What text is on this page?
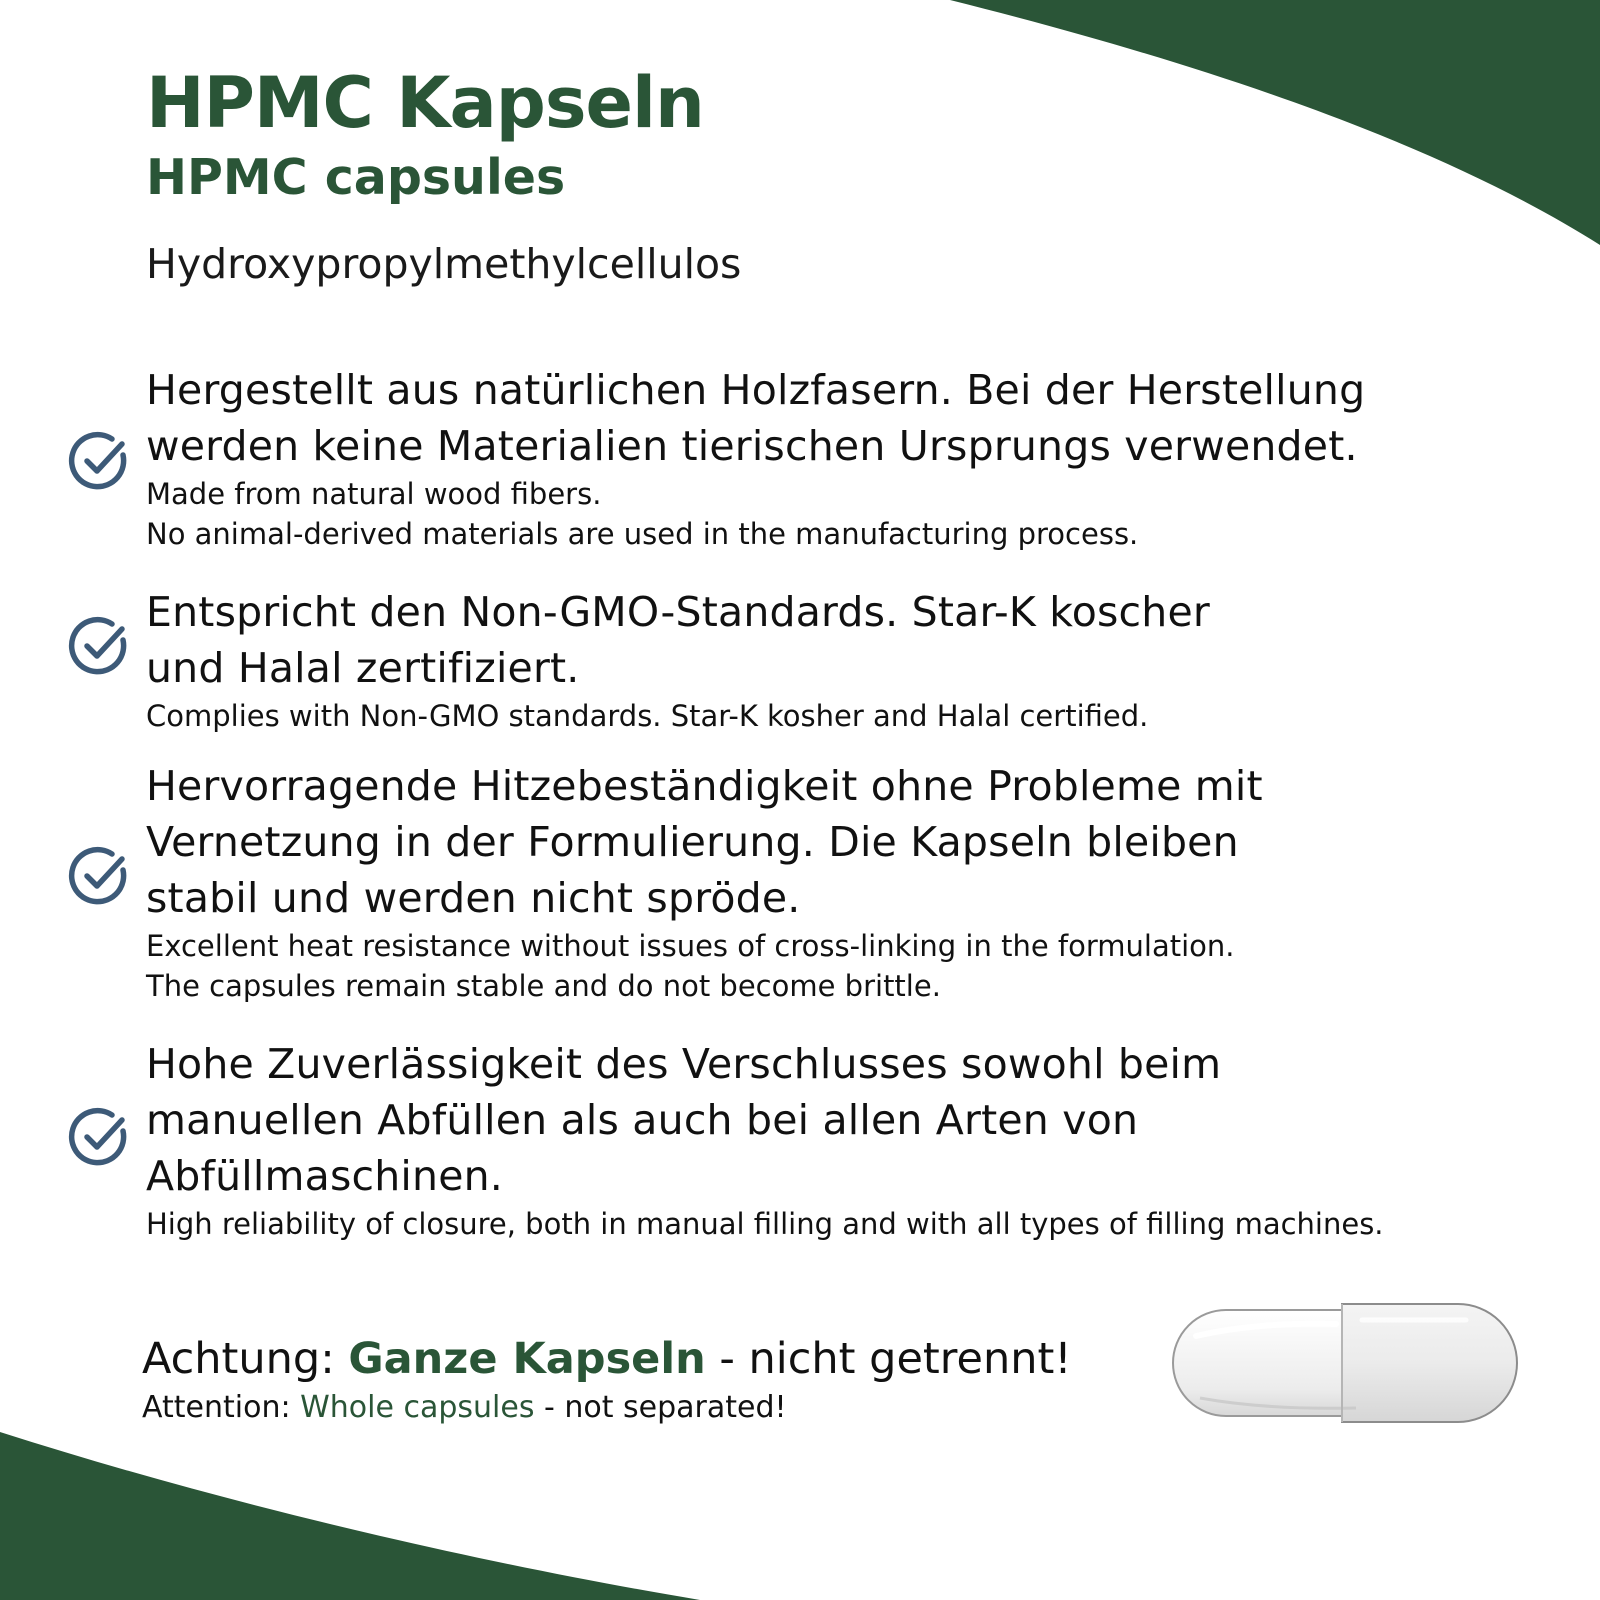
HPMC Kapseln
HPMC capsules
Hydroxypropylmethylcellulos
Hergestellt aus natürlichen Holzfasern. Bei der Herstellung
werden keine Materialien tierischen Ursprungs verwendet.
Made from natural wood fibers.
No animal-derived materials are used in the manufacturing process.
Entspricht den Non-GMO-Standards. Star-K koscher
und Halal zertifiziert.
Complies with Non-GMO standards. Star-K kosher and Halal certified.
Hervorragende Hitzebeständigkeit ohne Probleme mit
Vernetzung in der Formulierung. Die Kapseln bleiben
stabil und werden nicht spröde.
Excellent heat resistance without issues of cross-linking in the formulation.
The capsules remain stable and do not become brittle.
Hohe Zuverlässigkeit des Verschlusses sowohl beim
manuellen Abfüllen als auch bei allen Arten von
Abfüllmaschinen.
High reliability of closure, both in manual filling and with all types of filling machines.
Achtung: Ganze Kapseln - nicht getrennt!
Attention: Whole capsules - not separated!
